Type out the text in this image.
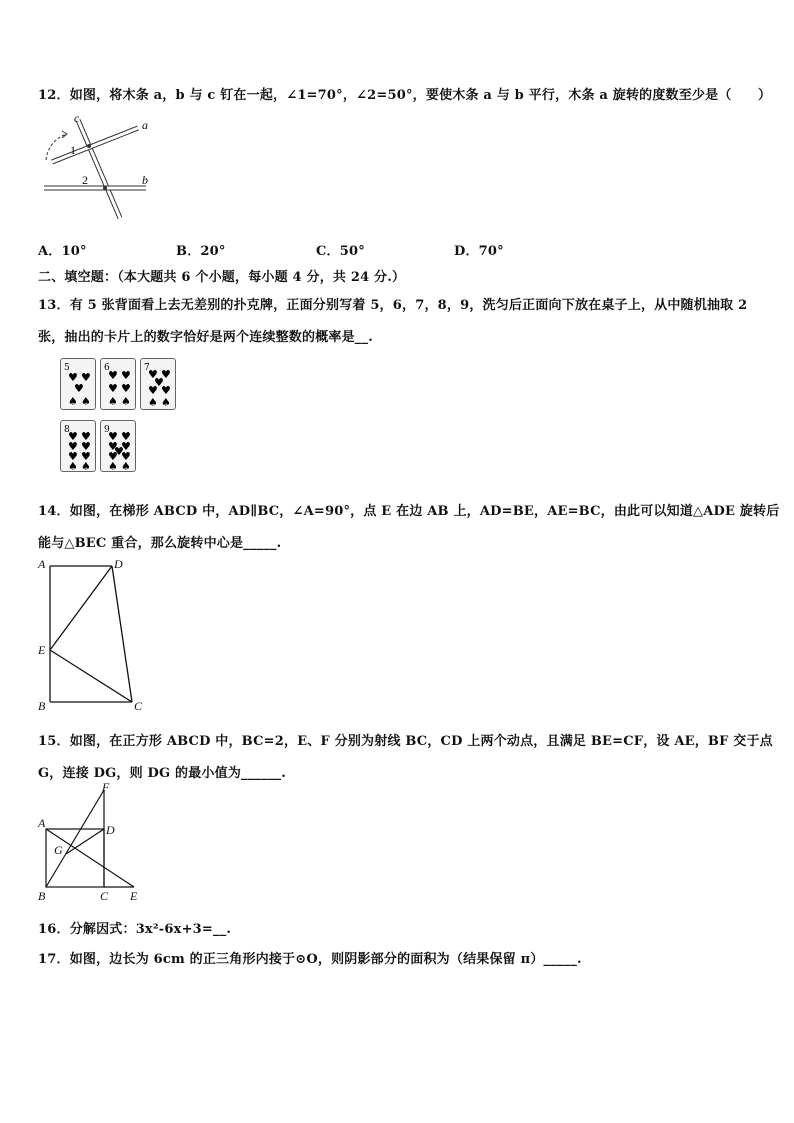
12．如图，将木条 a，b 与 c 钉在一起，∠1=70°，∠2=50°，要使木条 a 与 b 平行，木条 a 旋转的度数至少是（　　）
c	a
b
1
2
A．10°	B．20°	C．50°	D．70°
二、填空题：（本大题共 6 个小题，每小题 4 分，共 24 分.）
13．有 5 张背面看上去无差别的扑克牌，正面分别写着 5，6，7，8，9，洗匀后正面向下放在桌子上，从中随机抽取 2
张，抽出的卡片上的数字恰好是两个连续整数的概率是__.
5
♥ ♥
♥
♠ ♠
6
♥ ♥
♥ ♥
♠ ♠
7
♥ ♥
♥
♥ ♥
♠ ♠
8
♥ ♥
♥ ♥
♥ ♥
♠ ♠
9
♥ ♥
♥ ♥
♥
♥ ♥
♠ ♠
14．如图，在梯形 ABCD 中，AD∥BC，∠A=90°，点 E 在边 AB 上，AD=BE，AE=BC，由此可以知道△ADE 旋转后
能与△BEC 重合，那么旋转中心是_____.
A	D
E
B	C
15．如图，在正方形 ABCD 中，BC=2，E、F 分别为射线 BC，CD 上两个动点，且满足 BE=CF，设 AE，BF 交于点
G，连接 DG，则 DG 的最小值为______.
F
A	D
G
B	C E
16．分解因式：3x²-6x+3=__.
17．如图，边长为 6cm 的正三角形内接于⊙O，则阴影部分的面积为（结果保留 π）_____.
